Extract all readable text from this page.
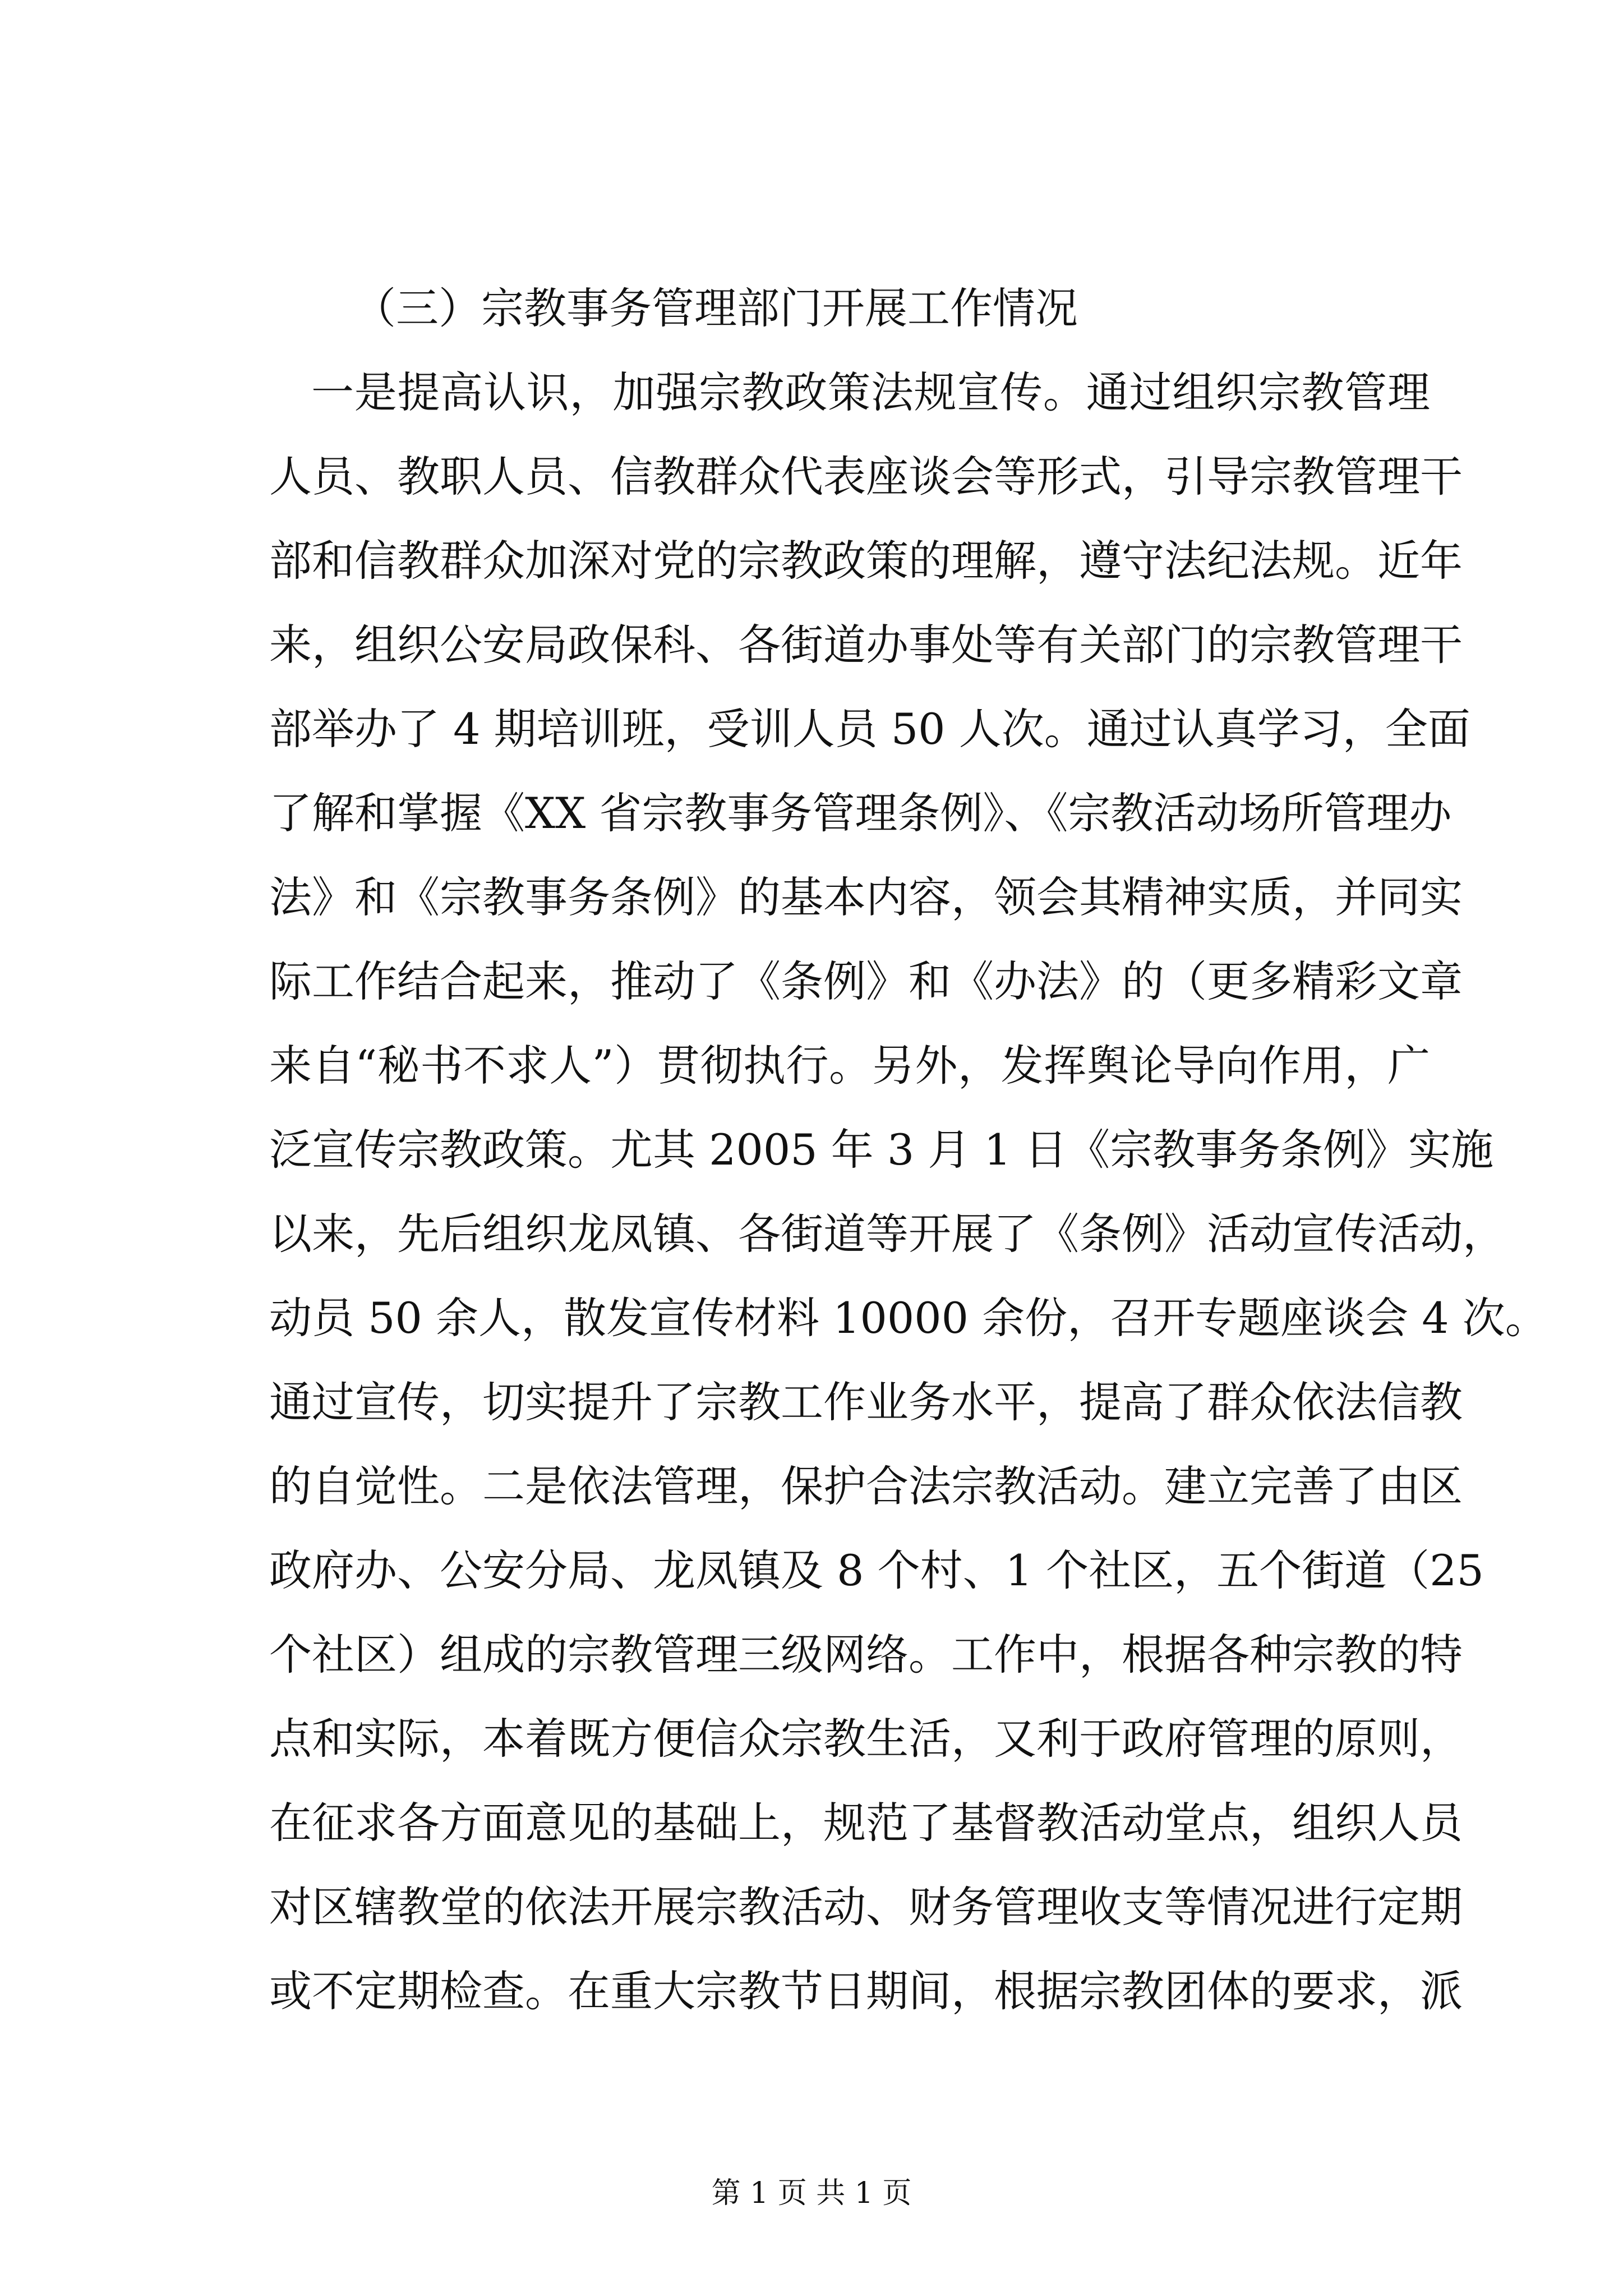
（三）宗教事务管理部门开展工作情况
一是提高认识，加强宗教政策法规宣传。通过组织宗教管理
人员、教职人员、信教群众代表座谈会等形式，引导宗教管理干
部和信教群众加深对党的宗教政策的理解，遵守法纪法规。近年
来，组织公安局政保科、各街道办事处等有关部门的宗教管理干
部举办了 4 期培训班，受训人员 50 人次。通过认真学习，全面
了解和掌握《XX 省宗教事务管理条例》、《宗教活动场所管理办
法》和《宗教事务条例》的基本内容，领会其精神实质，并同实
际工作结合起来，推动了《条例》和《办法》的（更多精彩文章
来自“秘书不求人”）贯彻执行。另外，发挥舆论导向作用，广
泛宣传宗教政策。尤其 2005 年 3 月 1 日《宗教事务条例》实施
以来，先后组织龙凤镇、各街道等开展了《条例》活动宣传活动，
动员 50 余人，散发宣传材料 10000 余份，召开专题座谈会 4 次。
通过宣传，切实提升了宗教工作业务水平，提高了群众依法信教
的自觉性。二是依法管理，保护合法宗教活动。建立完善了由区
政府办、公安分局、龙凤镇及 8 个村、1 个社区，五个街道（25
个社区）组成的宗教管理三级网络。工作中，根据各种宗教的特
点和实际，本着既方便信众宗教生活，又利于政府管理的原则，
在征求各方面意见的基础上，规范了基督教活动堂点，组织人员
对区辖教堂的依法开展宗教活动、财务管理收支等情况进行定期
或不定期检查。在重大宗教节日期间，根据宗教团体的要求，派
第 1 页 共 1 页
